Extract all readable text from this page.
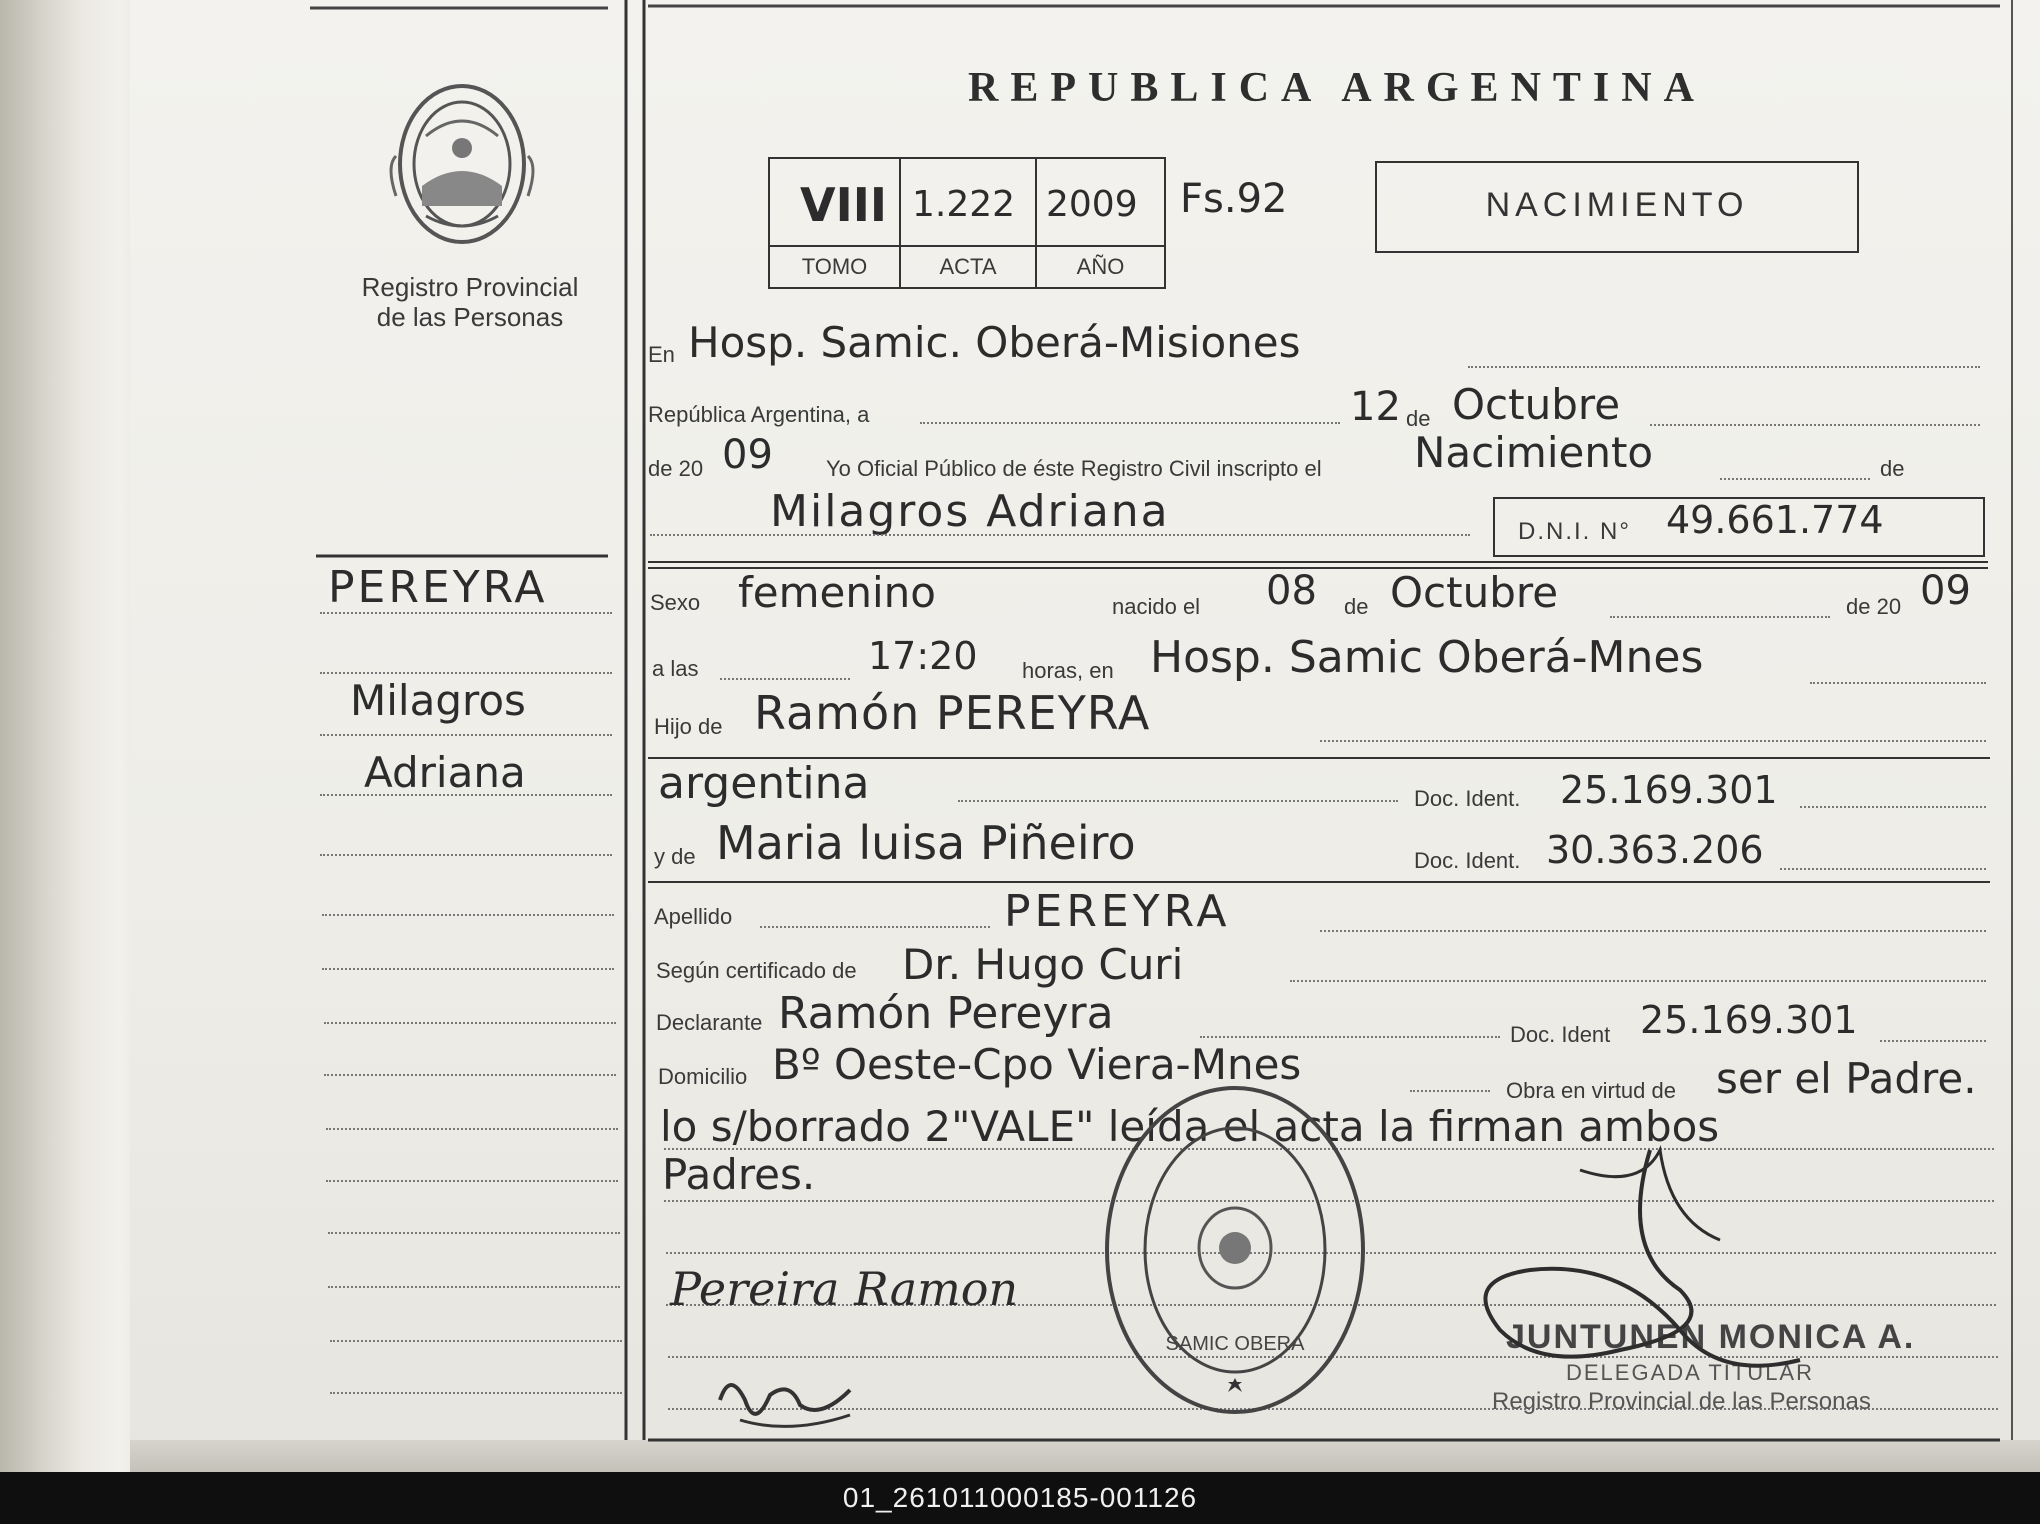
Registro Provincial
de las Personas
PEREYRA
Milagros
Adriana
REPUBLICA ARGENTINA
VIII 1.222 2009
TOMO	ACTA	AÑO
Fs.92	NACIMIENTO
En Hosp. Samic. Oberá-Misiones
República Argentina, a	12 de Octubre
de 20 09 Yo Oficial Público de éste Registro Civil inscripto el Nacimiento	de
Milagros Adriana	D.N.I. N° 49.661.774
Sexo femenino	nacido el 08 de Octubre	de 20 09
a las	17:20 horas, en Hosp. Samic Oberá-Mnes
Hijo de Ramón PEREYRA
argentina	Doc. Ident. 25.169.301
y de Maria luisa Piñeiro	Doc. Ident. 30.363.206
Apellido	PEREYRA
Según certificado de Dr. Hugo Curi
Declarante Ramón Pereyra	Doc. Ident 25.169.301
Domicilio Bº Oeste-Cpo Viera-Mnes
Obra en virtud de ser el Padre.
lo s/borrado 2"VALE" leída el acta la firman ambos
Padres.
Pereira Ramon
SAMIC OBERA	JUNTUNEN MONICA A.
DELEGADA TITULAR
Registro Provincial de las Personas
01_261011000185-001126
